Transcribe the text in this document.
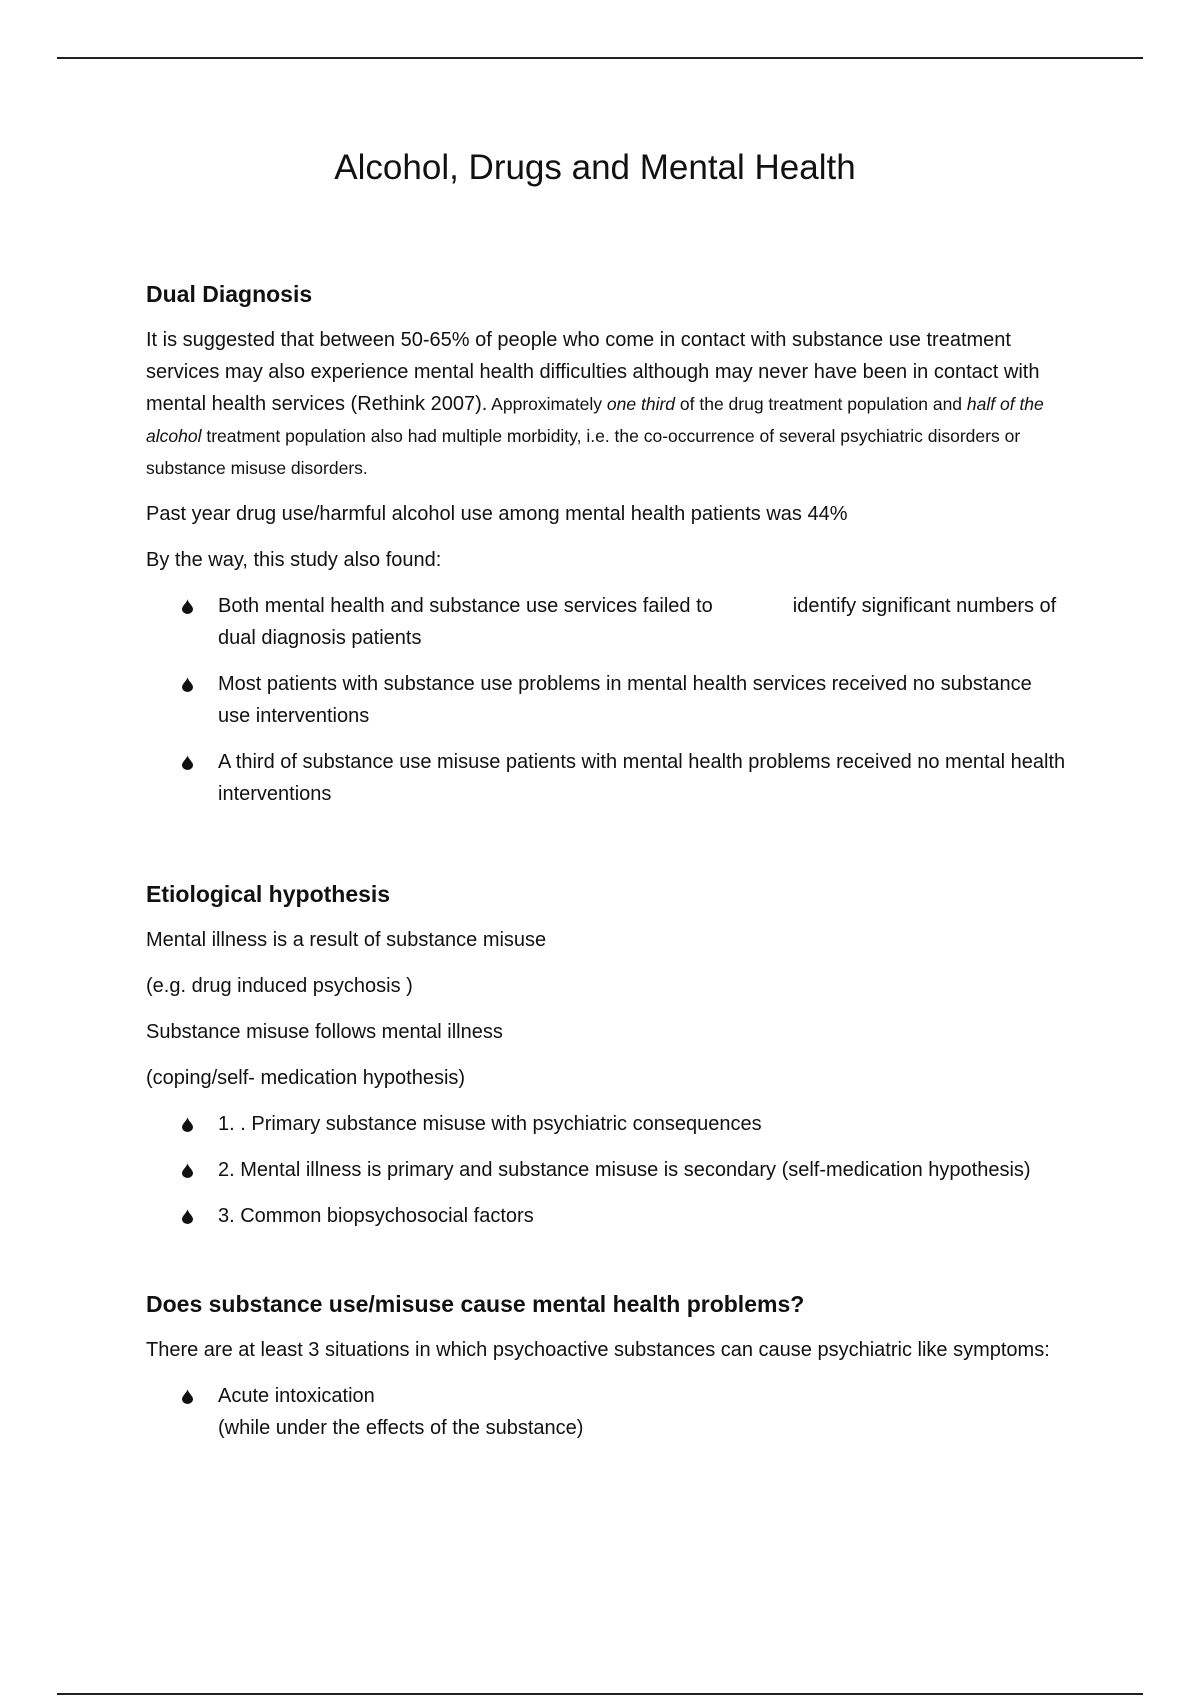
Alcohol, Drugs and Mental Health
Dual Diagnosis

It is suggested that between 50-65% of people who come in contact with substance use treatment services may also experience mental health difficulties although may never have been in contact with mental health services (Rethink 2007). Approximately one third of the drug treatment population and half of the alcohol treatment population also had multiple morbidity, i.e. the co-occurrence of several psychiatric disorders or substance misuse disorders.

Past year drug use/harmful alcohol use among mental health patients was 44%

By the way, this study also found:

Both mental health and substance use services failed to	identify significant numbers of dual diagnosis patients
Most patients with substance use problems in mental health services received no substance use interventions
A third of substance use misuse patients with mental health problems received no mental health interventions
Etiological hypothesis

Mental illness is a result of substance misuse

(e.g. drug induced psychosis )

Substance misuse follows mental illness

(coping/self- medication hypothesis)

1. . Primary substance misuse with psychiatric consequences
2. Mental illness is primary and substance misuse is secondary (self-medication hypothesis)
3. Common biopsychosocial factors
Does substance use/misuse cause mental health problems?

There are at least 3 situations in which psychoactive substances can cause psychiatric like symptoms:

Acute intoxication
(while under the effects of the substance)
